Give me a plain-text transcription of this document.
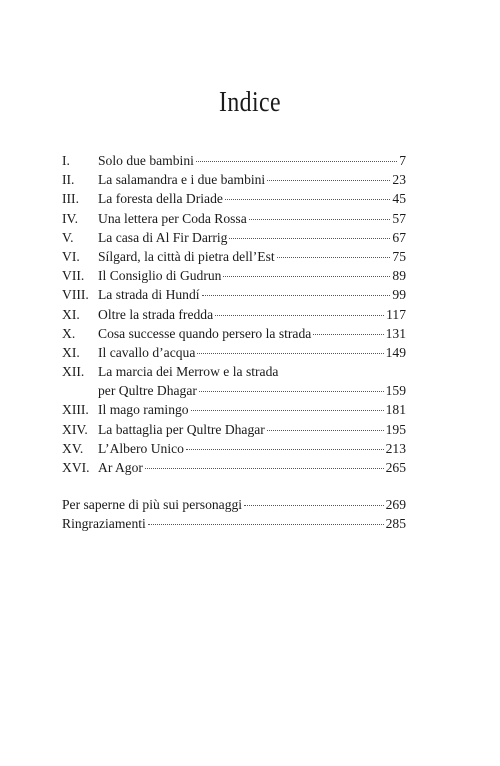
Indice
I. Solo due bambini	7
II. La salamandra e i due bambini	23
III. La foresta della Driade	45
IV. Una lettera per Coda Rossa	57
V. La casa di Al Fir Darrig	67
VI. Sílgard, la città di pietra dell’Est	75
VII. Il Consiglio di Gudrun	89
VIII. La strada di Hundí	99
XI. Oltre la strada fredda	117
X. Cosa successe quando persero la strada	131
XI. Il cavallo d’acqua	149
XII. La marcia dei Merrow e la strada
per Qultre Dhagar	159
XIII. Il mago ramingo	181
XIV. La battaglia per Qultre Dhagar	195
XV. L’Albero Unico	213
XVI. Ar Agor	265
Per saperne di più sui personaggi	269
Ringraziamenti	285
